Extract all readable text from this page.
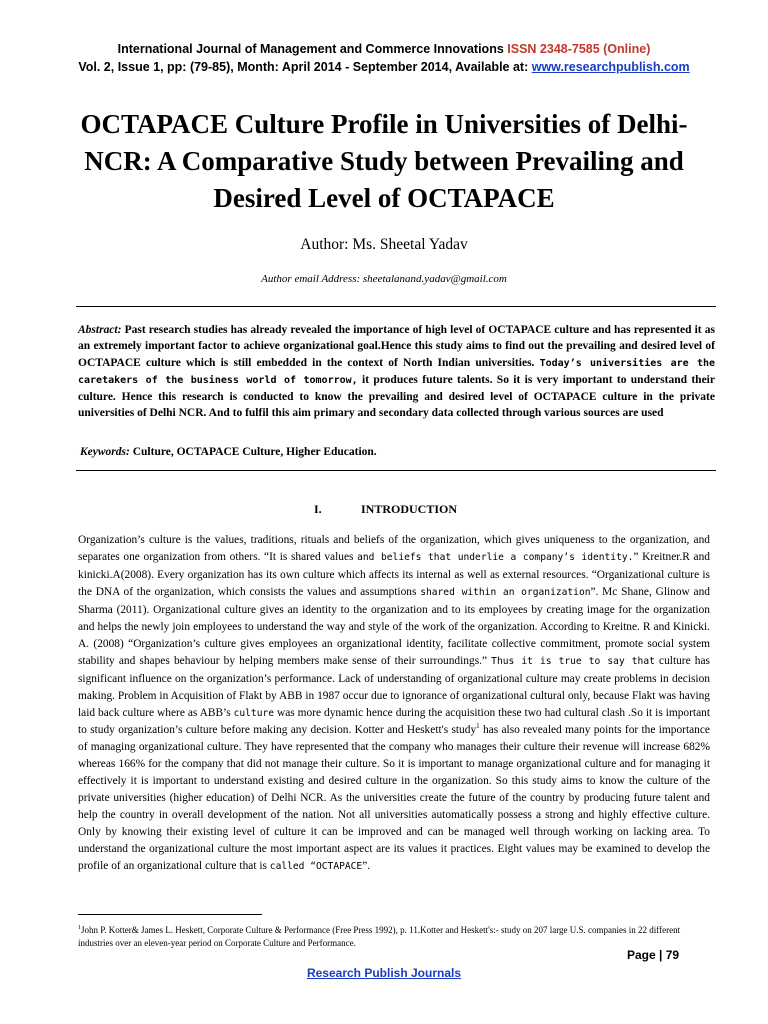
International Journal of Management and Commerce Innovations ISSN 2348-7585 (Online)
Vol. 2, Issue 1, pp: (79-85), Month: April 2014 - September 2014, Available at: www.researchpublish.com
OCTAPACE Culture Profile in Universities of Delhi- NCR: A Comparative Study between Prevailing and Desired Level of OCTAPACE
Author: Ms. Sheetal Yadav
Author email Address: sheetalanand.yadav@gmail.com
Abstract: Past research studies has already revealed the importance of high level of OCTAPACE culture and has represented it as an extremely important factor to achieve organizational goal.Hence this study aims to find out the prevailing and desired level of OCTAPACE culture which is still embedded in the context of North Indian universities. Today’s universities are the caretakers of the business world of tomorrow, it produces future talents. So it is very important to understand their culture. Hence this research is conducted to know the prevailing and desired level of OCTAPACE culture in the private universities of Delhi NCR. And to fulfil this aim primary and secondary data collected through various sources are used
Keywords: Culture, OCTAPACE Culture, Higher Education.
I.	INTRODUCTION
Organization’s culture is the values, traditions, rituals and beliefs of the organization, which gives uniqueness to the organization, and separates one organization from others. “It is shared values and beliefs that underlie a company’s identity.” Kreitner.R and kinicki.A(2008). Every organization has its own culture which affects its internal as well as external resources. “Organizational culture is the DNA of the organization, which consists the values and assumptions shared within an organization”. Mc Shane, Glinow and Sharma (2011). Organizational culture gives an identity to the organization and to its employees by creating image for the organization and helps the newly join employees to understand the way and style of the work of the organization. According to Kreitne. R and Kinicki. A. (2008) “Organization’s culture gives employees an organizational identity, facilitate collective commitment, promote social system stability and shapes behaviour by helping members make sense of their surroundings.” Thus it is true to say that culture has significant influence on the organization’s performance. Lack of understanding of organizational culture may create problems in decision making. Problem in Acquisition of Flakt by ABB in 1987 occur due to ignorance of organizational cultural only, because Flakt was having laid back culture where as ABB’s culture was more dynamic hence during the acquisition these two had cultural clash .So it is important to study organization’s culture before making any decision. Kotter and Heskett's study$^1$ has also revealed many points for the importance of managing organizational culture. They have represented that the company who manages their culture their revenue will increase 682% whereas 166% for the company that did not manage their culture. So it is important to manage organizational culture and for managing it effectively it is important to understand existing and desired culture in the organization. So this study aims to know the culture of the private universities (higher education) of Delhi NCR. As the universities create the future of the country by producing future talent and help the country in overall development of the nation. Not all universities automatically possess a strong and highly effective culture. Only by knowing their existing level of culture it can be improved and can be managed well through working on lacking area. To understand the organizational culture the most important aspect are its values it practices. Eight values may be examined to develop the profile of an organizational culture that is called “OCTAPACE”.
$^1$John P. Kotter& James L. Heskett, Corporate Culture & Performance (Free Press 1992), p. 11.Kotter and Heskett's:- study on 207 large U.S. companies in 22 different industries over an eleven-year period on Corporate Culture and Performance.
Page | 79
Research Publish Journals
